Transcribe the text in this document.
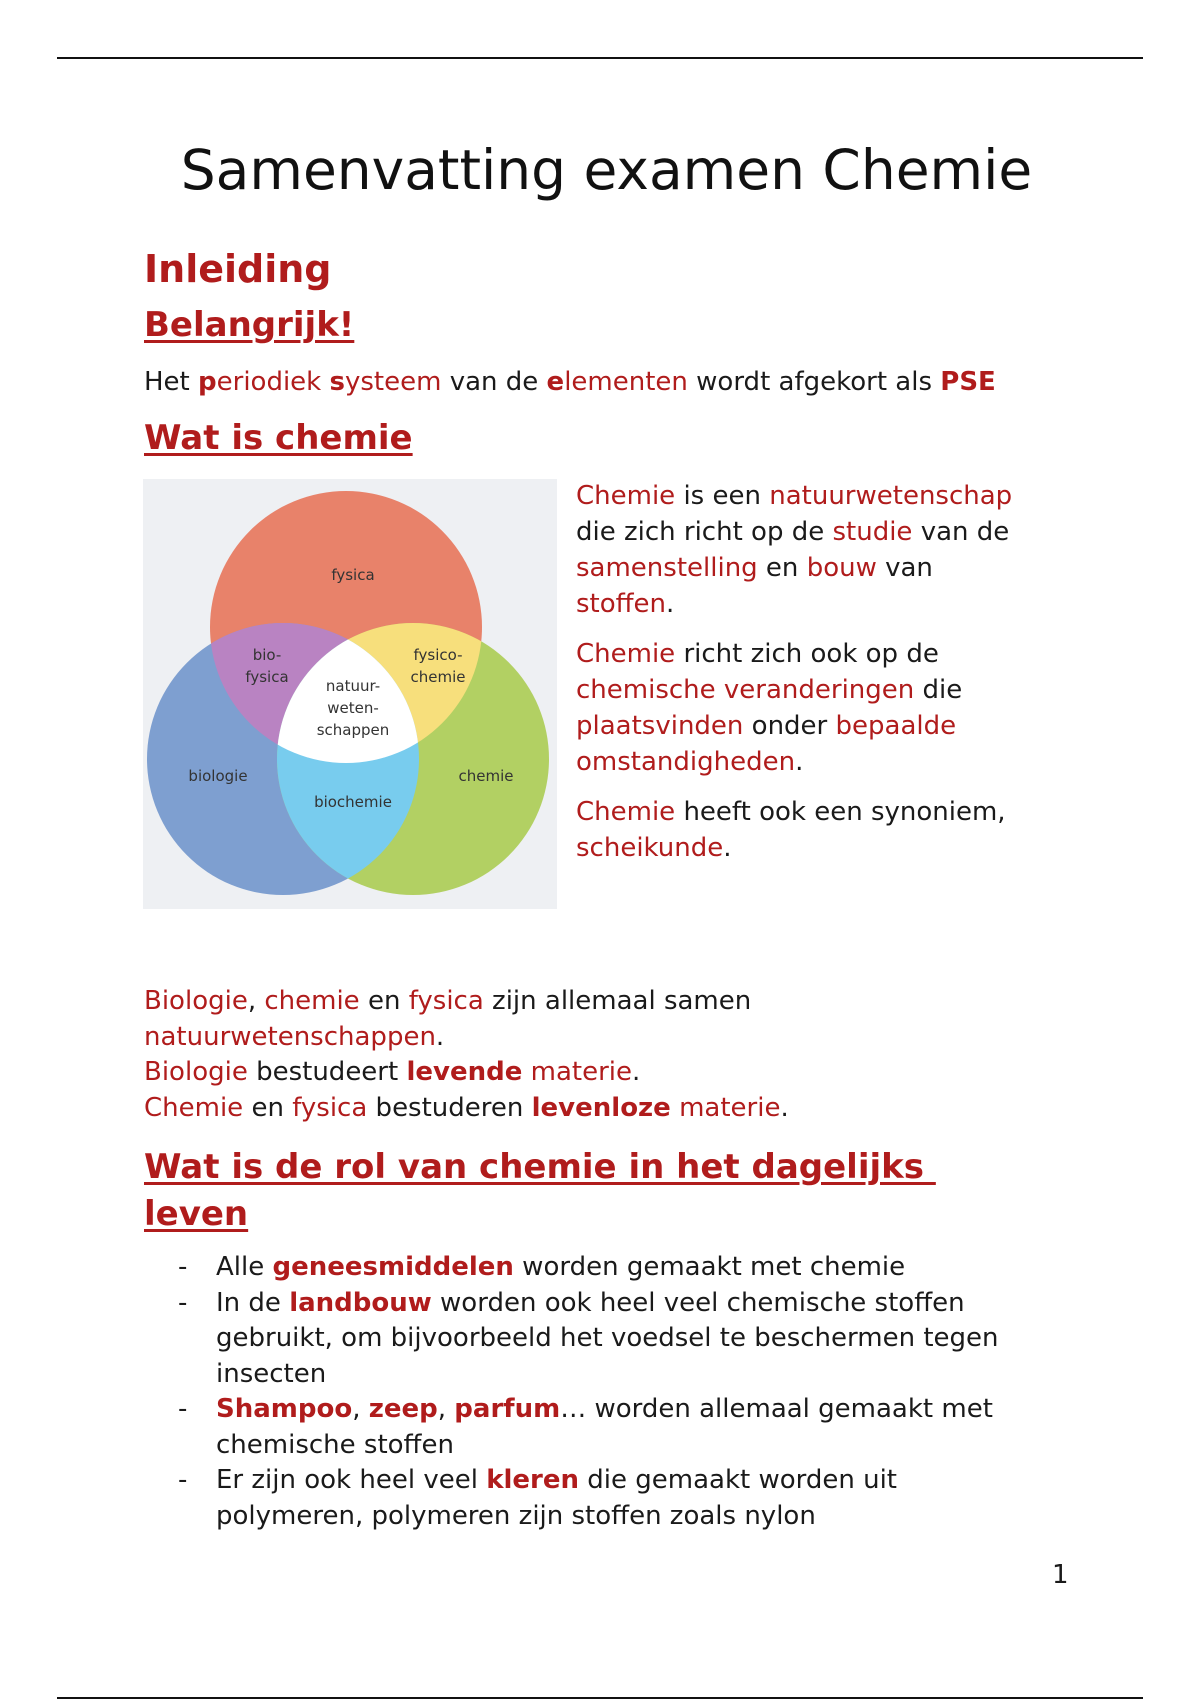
Samenvatting examen Chemie
Inleiding
Belangrijk!

Het periodiek systeem van de elementen wordt afgekort als PSE

Wat is chemie
fysica
biologie	chemie
bio-
fysica
fysico-
chemie
biochemie
natuur-
weten-
schappen

Chemie is een natuurwetenschap
die zich richt op de studie van de
samenstelling en bouw van
stoffen.

Chemie richt zich ook op de
chemische veranderingen die
plaatsvinden onder bepaalde
omstandigheden.

Chemie heeft ook een synoniem,
scheikunde.

Biologie, chemie en fysica zijn allemaal samen
natuurwetenschappen.
Biologie bestudeert levende materie.
Chemie en fysica bestuderen levenloze materie.
Wat is de rol van chemie in het dagelijks
leven
- Alle geneesmiddelen worden gemaakt met chemie
- In de landbouw worden ook heel veel chemische stoffen
gebruikt, om bijvoorbeeld het voedsel te beschermen tegen
insecten
- Shampoo, zeep, parfum… worden allemaal gemaakt met
chemische stoffen
- Er zijn ook heel veel kleren die gemaakt worden uit
polymeren, polymeren zijn stoffen zoals nylon
1
